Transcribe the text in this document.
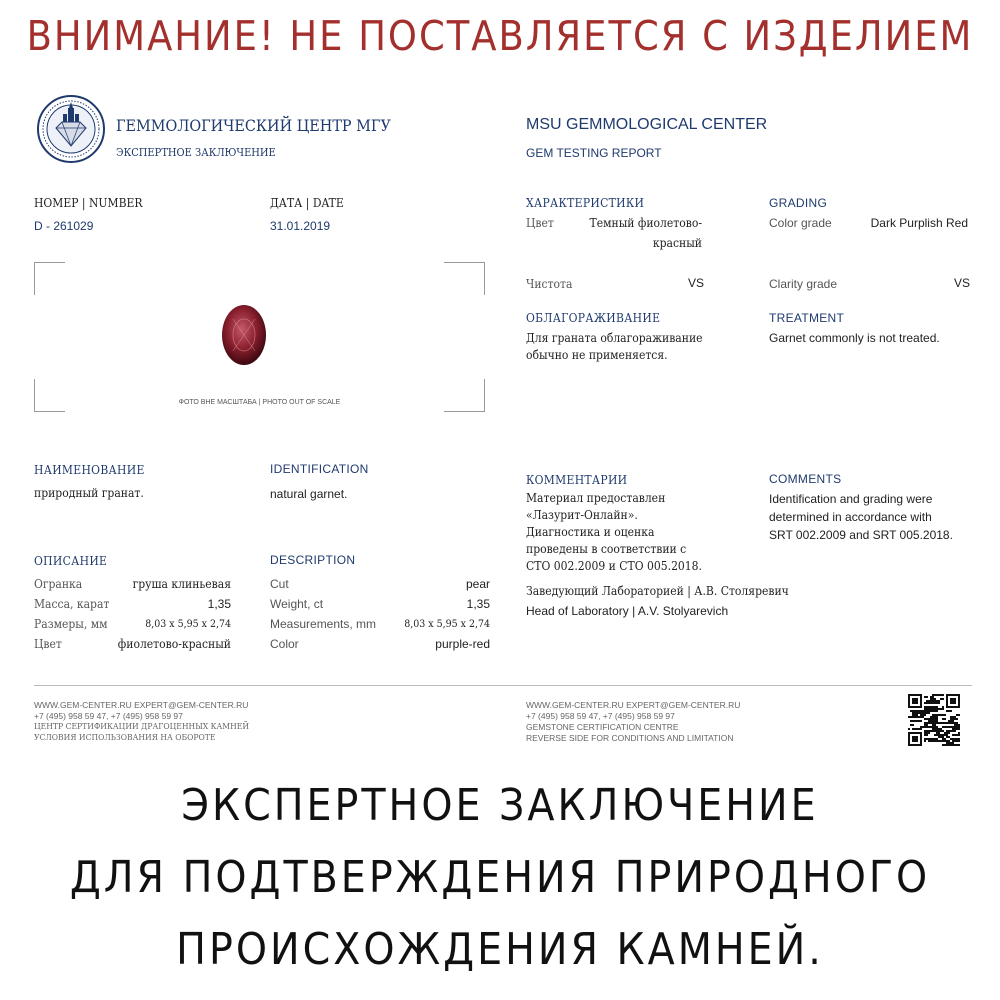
ВНИМАНИЕ! НЕ ПОСТАВЛЯЕТСЯ С ИЗДЕЛИЕМ
ГЕММОЛОГИЧЕСКИЙ ЦЕНТР МГУ
ЭКСПЕРТНОЕ ЗАКЛЮЧЕНИЕ
MSU GEMMOLOGICAL CENTER
GEM TESTING REPORT
НОМЕР | NUMBER
D - 261029
ДАТА | DATE
31.01.2019
ФОТО ВНЕ МАСШТАБА | PHOTO OUT OF SCALE
ХАРАКТЕРИСТИКИ
Цвет	Темный фиолетово-
красный
Чистота	VS
GRADING
Color grade	Dark Purplish Red
Clarity grade	VS
ОБЛАГОРАЖИВАНИЕ
Для граната облагораживание
обычно не применяется.
TREATMENT
Garnet commonly is not treated.
НАИМЕНОВАНИЕ
природный гранат.
IDENTIFICATION
natural garnet.
ОПИСАНИЕ	DESCRIPTION
Огранка	груша клиньевая
Масса, карат	1,35
Размеры, мм	8,03 x 5,95 x 2,74
Цвет	фиолетово-красный
Cut	pear
Weight, ct	1,35
Measurements, mm	8,03 x 5,95 x 2,74
Color	purple-red
КОММЕНТАРИИ
Материал предоставлен
«Лазурит-Онлайн».
Диагностика и оценка
проведены в соответствии с
СТО 002.2009 и СТО 005.2018.
COMMENTS
Identification and grading were
determined in accordance with
SRT 002.2009 and SRT 005.2018.
Заведующий Лабораторией | А.В. Столяревич
Head of Laboratory | A.V. Stolyarevich
WWW.GEM-CENTER.RU EXPERT@GEM-CENTER.RU
+7 (495) 958 59 47, +7 (495) 958 59 97
ЦЕНТР СЕРТИФИКАЦИИ ДРАГОЦЕННЫХ КАМНЕЙ
УСЛОВИЯ ИСПОЛЬЗОВАНИЯ НА ОБОРОТЕ
WWW.GEM-CENTER.RU EXPERT@GEM-CENTER.RU
+7 (495) 958 59 47, +7 (495) 958 59 97
GEMSTONE CERTIFICATION CENTRE
REVERSE SIDE FOR CONDITIONS AND LIMITATION
ЭКСПЕРТНОЕ ЗАКЛЮЧЕНИЕ
ДЛЯ ПОДТВЕРЖДЕНИЯ ПРИРОДНОГО
ПРОИСХОЖДЕНИЯ КАМНЕЙ.
